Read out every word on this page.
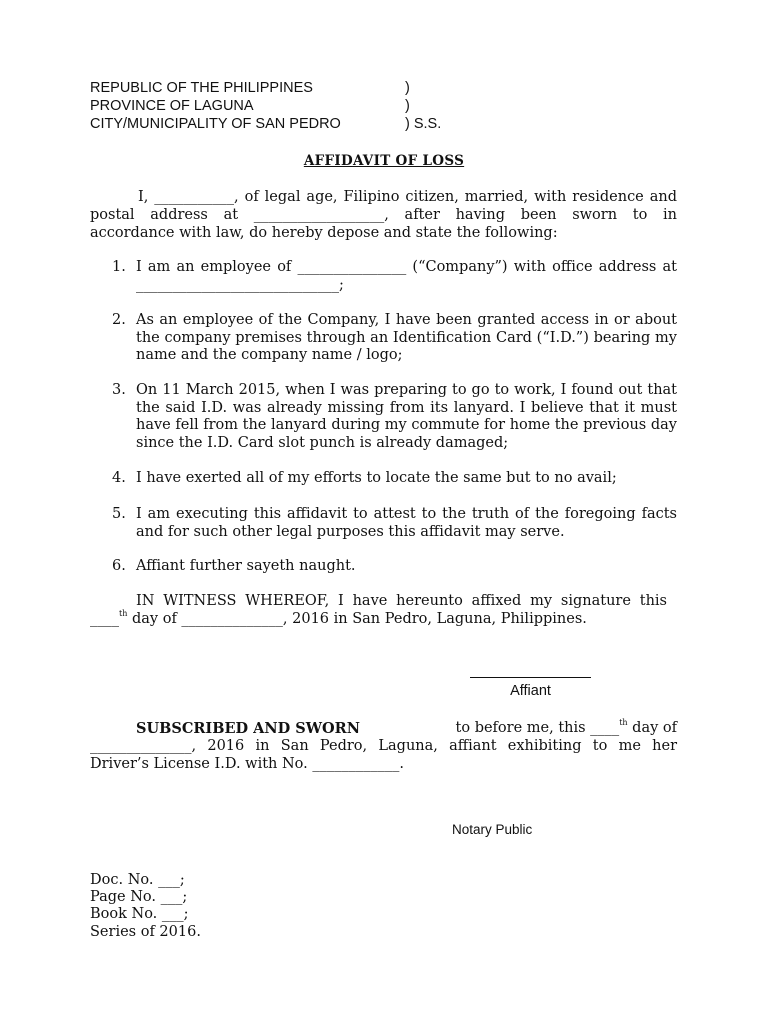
REPUBLIC OF THE PHILIPPINES	)
PROVINCE OF LAGUNA	)
CITY/MUNICIPALITY OF SAN PEDRO	) S.S.
AFFIDAVIT OF LOSS
I, ___________, of legal age, Filipino citizen, married, with residence and
postal address at __________________, after having been sworn to in
accordance with law, do hereby depose and state the following:
1. I am an employee of _______________ (“Company”) with office address at
____________________________;
2. As an employee of the Company, I have been granted access in or about
the company premises through an Identification Card (“I.D.”) bearing my
name and the company name / logo;
3. On 11 March 2015, when I was preparing to go to work, I found out that
the said I.D. was already missing from its lanyard. I believe that it must
have fell from the lanyard during my commute for home the previous day
since the I.D. Card slot punch is already damaged;
4. I have exerted all of my efforts to locate the same but to no avail;
5. I am executing this affidavit to attest to the truth of the foregoing facts
and for such other legal purposes this affidavit may serve.
6. Affiant further sayeth naught.
IN WITNESS WHEREOF, I have hereunto affixed my signature this
____$^{th}$ day of ______________, 2016 in San Pedro, Laguna, Philippines.
Affiant
SUBSCRIBED AND SWORN	to before me, this ____$^{th}$ day of
______________, 2016 in San Pedro, Laguna, affiant exhibiting to me her
Driver’s License I.D. with No. ____________.
Notary Public
Doc. No. ___;
Page No. ___;
Book No. ___;
Series of 2016.
